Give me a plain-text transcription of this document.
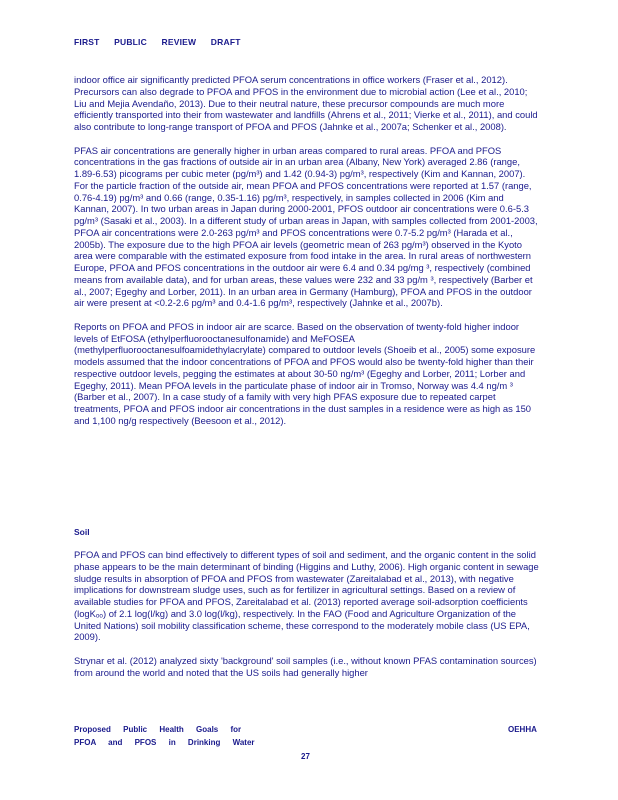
FIRST PUBLIC REVIEW DRAFT

indoor office air significantly predicted PFOA serum concentrations in office workers (Fraser et al., 2012). Precursors can also degrade to PFOA and PFOS in the environment due to microbial action (Lee et al., 2010; Liu and Mejia Avendaño, 2013). Due to their neutral nature, these precursor compounds are much more efficiently transported into their from wastewater and landfills (Ahrens et al., 2011; Vierke et al., 2011), and could also contribute to long-range transport of PFOA and PFOS (Jahnke et al., 2007a; Schenker et al., 2008).

PFAS air concentrations are generally higher in urban areas compared to rural areas. PFOA and PFOS concentrations in the gas fractions of outside air in an urban area (Albany, New York) averaged 2.86 (range, 1.89-6.53) picograms per cubic meter (pg/m³) and 1.42 (0.94-3) pg/m³, respectively (Kim and Kannan, 2007). For the particle fraction of the outside air, mean PFOA and PFOS concentrations were reported at 1.57 (range, 0.76-4.19) pg/m³ and 0.66 (range, 0.35-1.16) pg/m³, respectively, in samples collected in 2006 (Kim and Kannan, 2007). In two urban areas in Japan during 2000-2001, PFOS outdoor air concentrations were 0.6-5.3 pg/m³ (Sasaki et al., 2003). In a different study of urban areas in Japan, with samples collected from 2001-2003, PFOA air concentrations were 2.0-263 pg/m³ and PFOS concentrations were 0.7-5.2 pg/m³ (Harada et al., 2005b). The exposure due to the high PFOA air levels (geometric mean of 263 pg/m³) observed in the Kyoto area were comparable with the estimated exposure from food intake in the area. In rural areas of northwestern Europe, PFOA and PFOS concentrations in the outdoor air were 6.4 and 0.34 pg/mg ³, respectively (combined means from available data), and for urban areas, these values were 232 and 33 pg/m ³, respectively (Barber et al., 2007; Egeghy and Lorber, 2011). In an urban area in Germany (Hamburg), PFOA and PFOS in the outdoor air were present at <0.2-2.6 pg/m³ and 0.4-1.6 pg/m³, respectively (Jahnke et al., 2007b).

Reports on PFOA and PFOS in indoor air are scarce. Based on the observation of twenty-fold higher indoor levels of EtFOSA (ethylperfluorooctanesulfonamide) and MeFOSEA (methylperfluorooctanesulfoamidethylacrylate) compared to outdoor levels (Shoeib et al., 2005) some exposure models assumed that the indoor concentrations of PFOA and PFOS would also be twenty-fold higher than their respective outdoor levels, pegging the estimates at about 30-50 ng/m³ (Egeghy and Lorber, 2011; Lorber and Egeghy, 2011). Mean PFOA levels in the particulate phase of indoor air in Tromso, Norway was 4.4 ng/m ³ (Barber et al., 2007). In a case study of a family with very high PFAS exposure due to repeated carpet treatments, PFOA and PFOS indoor air concentrations in the dust samples in a residence were as high as 150 and 1,100 ng/g respectively (Beesoon et al., 2012).

Soil

PFOA and PFOS can bind effectively to different types of soil and sediment, and the organic content in the solid phase appears to be the main determinant of binding (Higgins and Luthy, 2006). High organic content in sewage sludge results in absorption of PFOA and PFOS from wastewater (Zareitalabad et al., 2013), with negative implications for downstream sludge uses, such as for fertilizer in agricultural settings. Based on a review of available studies for PFOA and PFOS, Zareitalabad et al. (2013) reported average soil-adsorption coefficients (logKₒₒ) of 2.1 log(l/kg) and 3.0 log(l/kg), respectively. In the FAO (Food and Agriculture Organization of the United Nations) soil mobility classification scheme, these correspond to the moderately mobile class (US EPA, 2009).

Strynar et al. (2012) analyzed sixty 'background' soil samples (i.e., without known PFAS contamination sources) from around the world and noted that the US soils had generally higher

Proposed Public Health Goals for
PFOA and PFOS in Drinking Water
OEHHA
27
